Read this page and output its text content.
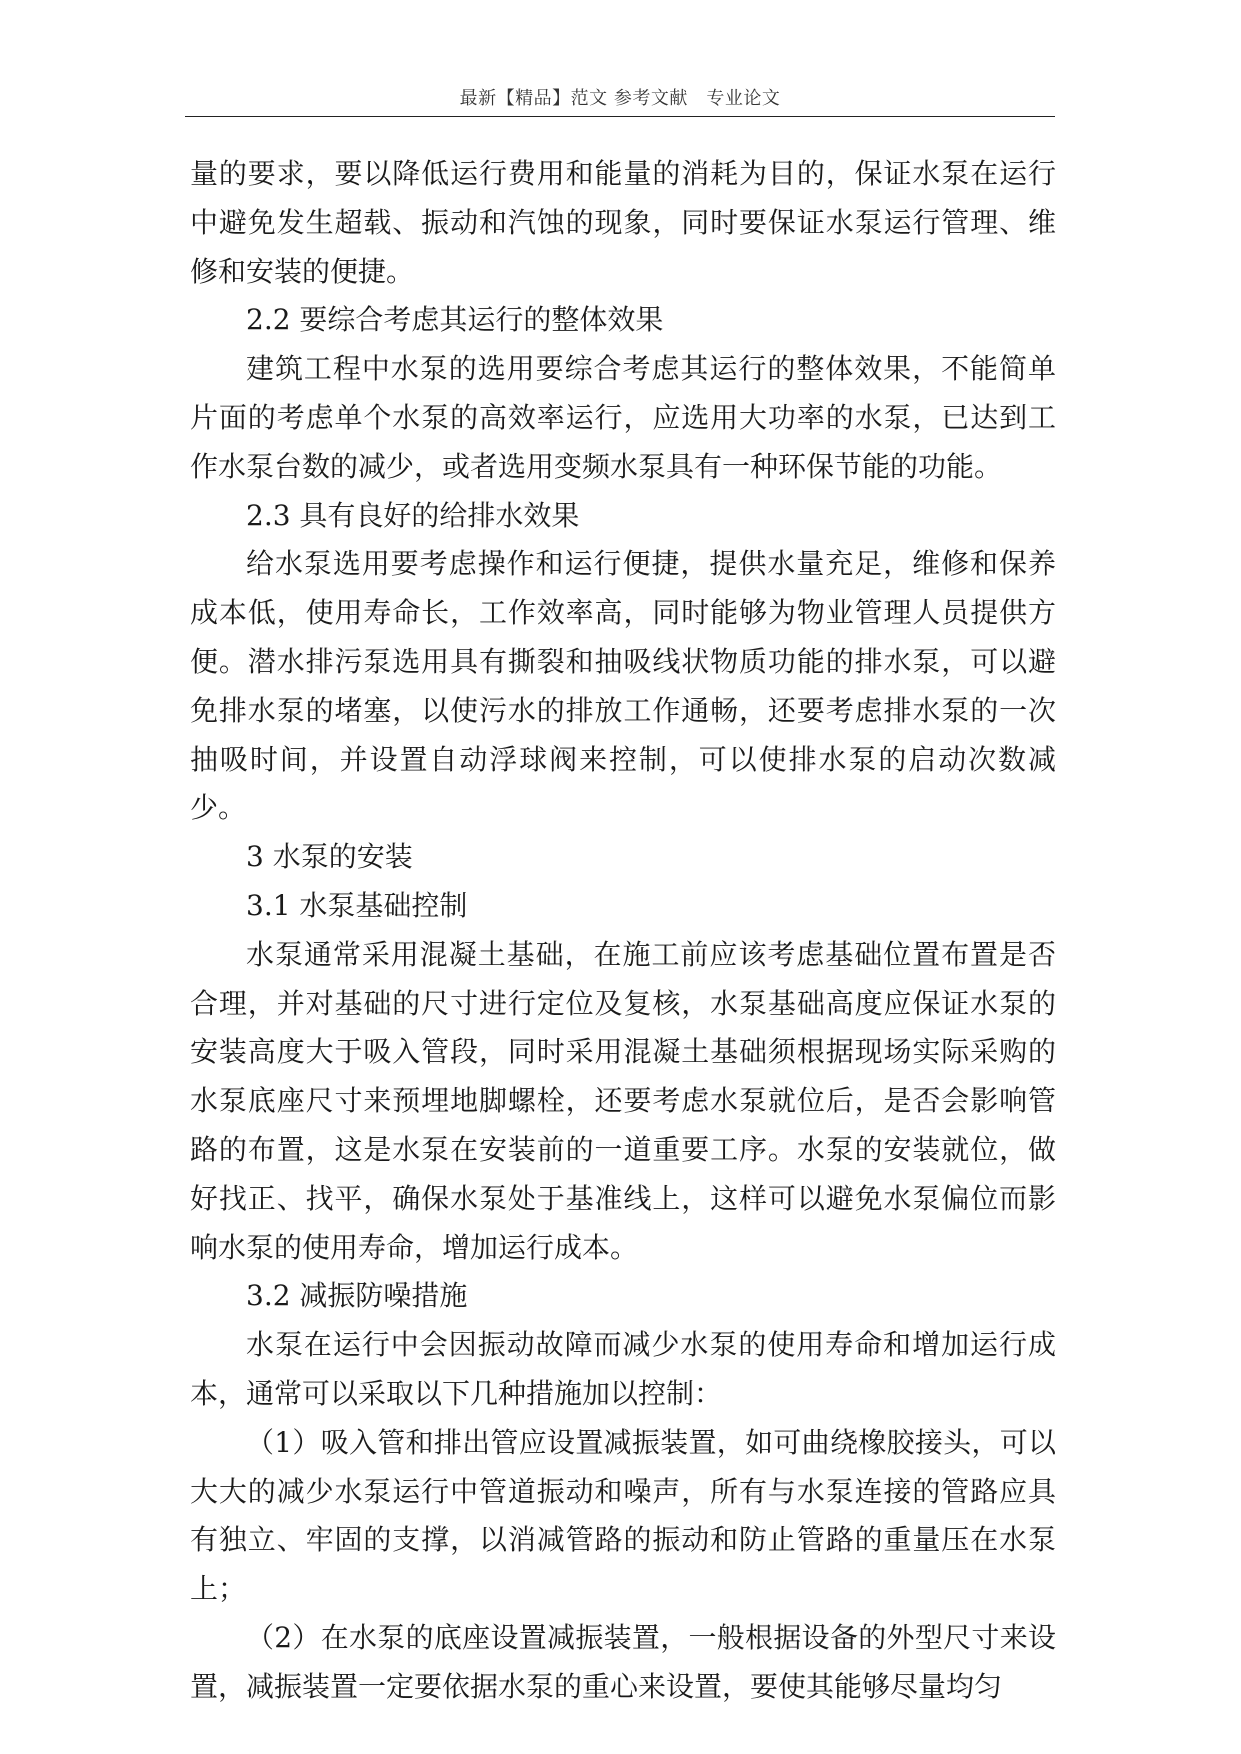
最新【精品】范文 参考文献　专业论文

量的要求，要以降低运行费用和能量的消耗为目的，保证水泵在运行中避免发生超载、振动和汽蚀的现象，同时要保证水泵运行管理、维修和安装的便捷。

2.2 要综合考虑其运行的整体效果

建筑工程中水泵的选用要综合考虑其运行的整体效果，不能简单片面的考虑单个水泵的高效率运行，应选用大功率的水泵，已达到工作水泵台数的减少，或者选用变频水泵具有一种环保节能的功能。

2.3 具有良好的给排水效果

给水泵选用要考虑操作和运行便捷，提供水量充足，维修和保养成本低，使用寿命长，工作效率高，同时能够为物业管理人员提供方便。潜水排污泵选用具有撕裂和抽吸线状物质功能的排水泵，可以避免排水泵的堵塞，以使污水的排放工作通畅，还要考虑排水泵的一次抽吸时间，并设置自动浮球阀来控制，可以使排水泵的启动次数减少。

3 水泵的安装

3.1 水泵基础控制

水泵通常采用混凝土基础，在施工前应该考虑基础位置布置是否合理，并对基础的尺寸进行定位及复核，水泵基础高度应保证水泵的安装高度大于吸入管段，同时采用混凝土基础须根据现场实际采购的水泵底座尺寸来预埋地脚螺栓，还要考虑水泵就位后，是否会影响管路的布置，这是水泵在安装前的一道重要工序。水泵的安装就位，做好找正、找平，确保水泵处于基准线上，这样可以避免水泵偏位而影响水泵的使用寿命，增加运行成本。

3.2 减振防噪措施

水泵在运行中会因振动故障而减少水泵的使用寿命和增加运行成本，通常可以采取以下几种措施加以控制：

（1）吸入管和排出管应设置减振装置，如可曲绕橡胶接头，可以大大的减少水泵运行中管道振动和噪声，所有与水泵连接的管路应具有独立、牢固的支撑，以消减管路的振动和防止管路的重量压在水泵上；

（2）在水泵的底座设置减振装置，一般根据设备的外型尺寸来设置，减振装置一定要依据水泵的重心来设置，要使其能够尽量均匀
